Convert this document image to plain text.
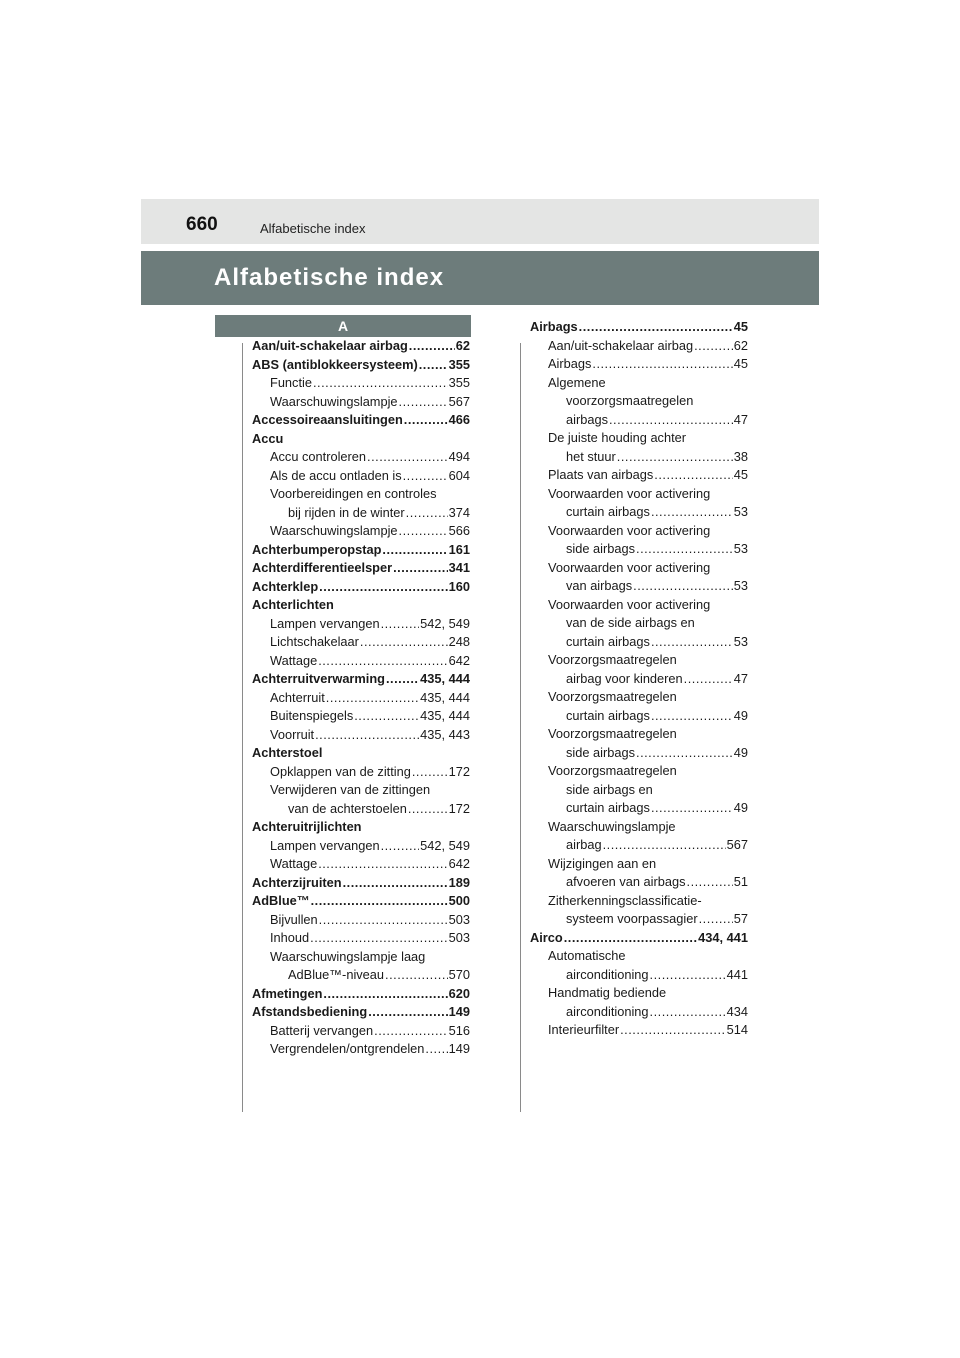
660	Alfabetische index
Alfabetische index
A
Aan/uit-schakelaar airbag .....	62
ABS (antiblokkeersysteem) ..... 355
Functie .....	355
Waarschuwingslampje .....	567
Accessoireaansluitingen .....	466
Accu
Accu controleren .....	494
Als de accu ontladen is .....	604
Voorbereidingen en controles
bij rijden in de winter .....	374
Waarschuwingslampje .....	566
Achterbumperopstap .....	161
Achterdifferentieelsper .....	341
Achterklep .....	160
Achterlichten
Lampen vervangen .....	542, 549
Lichtschakelaar .....	248
Wattage .....	642
Achterruitverwarming .....	435, 444
Achterruit .....	435, 444
Buitenspiegels .....	435, 444
Voorruit .....	435, 443
Achterstoel
Opklappen van de zitting .....	172
Verwijderen van de zittingen
van de achterstoelen .....	172
Achteruitrijlichten
Lampen vervangen .....	542, 549
Wattage .....	642
Achterzijruiten .....	189
AdBlue™ .....	500
Bijvullen .....	503
Inhoud .....	503
Waarschuwingslampje laag
AdBlue™-niveau .....	570
Afmetingen .....	620
Afstandsbediening .....	149
Batterij vervangen .....	516
Vergrendelen/ontgrendelen ..... 149
Airbags .....	45
Aan/uit-schakelaar airbag .....	62
Airbags .....	45
Algemene
voorzorgsmaatregelen
airbags .....	47
De juiste houding achter
het stuur .....	38
Plaats van airbags .....	45
Voorwaarden voor activering
curtain airbags .....	53
Voorwaarden voor activering
side airbags .....	53
Voorwaarden voor activering
van airbags .....	53
Voorwaarden voor activering
van de side airbags en
curtain airbags .....	53
Voorzorgsmaatregelen
airbag voor kinderen .....	47
Voorzorgsmaatregelen
curtain airbags .....	49
Voorzorgsmaatregelen
side airbags .....	49
Voorzorgsmaatregelen
side airbags en
curtain airbags .....	49
Waarschuwingslampje
airbag .....	567
Wijzigingen aan en
afvoeren van airbags .....	51
Zitherkenningsclassificatie-
systeem voorpassagier .....	57
Airco .....	434, 441
Automatische
airconditioning .....	441
Handmatig bediende
airconditioning .....	434
Interieurfilter .....	514
